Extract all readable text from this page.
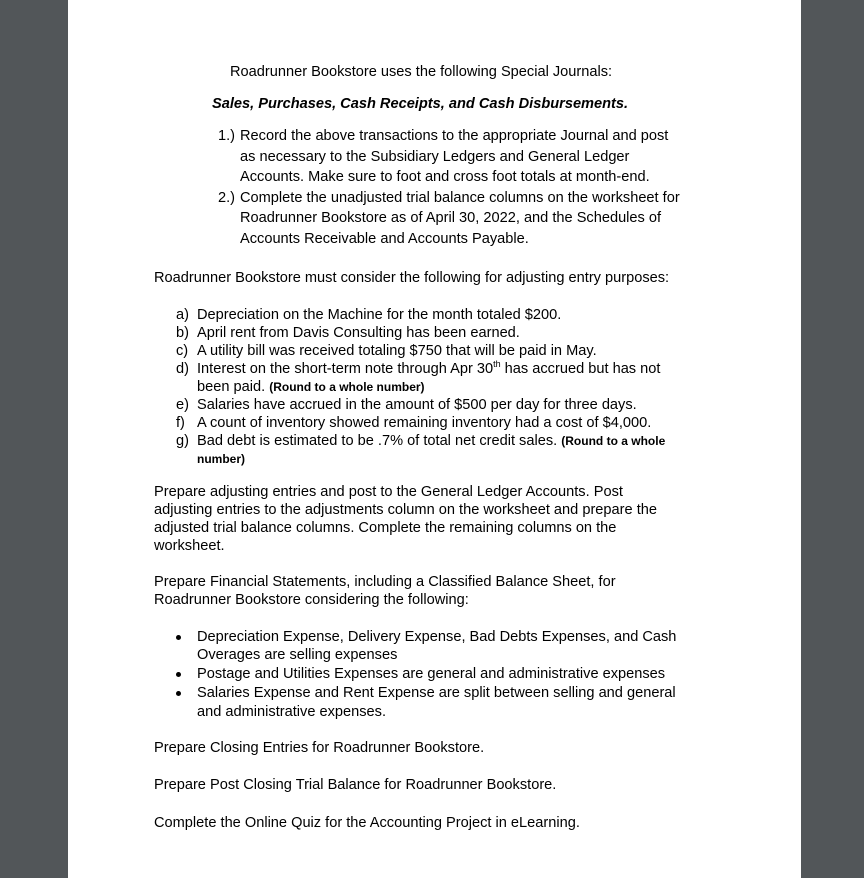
Roadrunner Bookstore uses the following Special Journals:
Sales, Purchases, Cash Receipts, and Cash Disbursements.
1.) Record the above transactions to the appropriate Journal and post
as necessary to the Subsidiary Ledgers and General Ledger
Accounts. Make sure to foot and cross foot totals at month-end.
2.) Complete the unadjusted trial balance columns on the worksheet for
Roadrunner Bookstore as of April 30, 2022, and the Schedules of
Accounts Receivable and Accounts Payable.
Roadrunner Bookstore must consider the following for adjusting entry purposes:
a) Depreciation on the Machine for the month totaled $200.
b) April rent from Davis Consulting has been earned.
c) A utility bill was received totaling $750 that will be paid in May.
d) Interest on the short-term note through Apr 30th has accrued but has not
been paid. (Round to a whole number)
e) Salaries have accrued in the amount of $500 per day for three days.
f) A count of inventory showed remaining inventory had a cost of $4,000.
g) Bad debt is estimated to be .7% of total net credit sales. (Round to a whole
number)
Prepare adjusting entries and post to the General Ledger Accounts. Post
adjusting entries to the adjustments column on the worksheet and prepare the
adjusted trial balance columns. Complete the remaining columns on the
worksheet.
Prepare Financial Statements, including a Classified Balance Sheet, for
Roadrunner Bookstore considering the following:
Depreciation Expense, Delivery Expense, Bad Debts Expenses, and Cash
Overages are selling expenses
Postage and Utilities Expenses are general and administrative expenses
Salaries Expense and Rent Expense are split between selling and general
and administrative expenses.
Prepare Closing Entries for Roadrunner Bookstore.
Prepare Post Closing Trial Balance for Roadrunner Bookstore.
Complete the Online Quiz for the Accounting Project in eLearning.
